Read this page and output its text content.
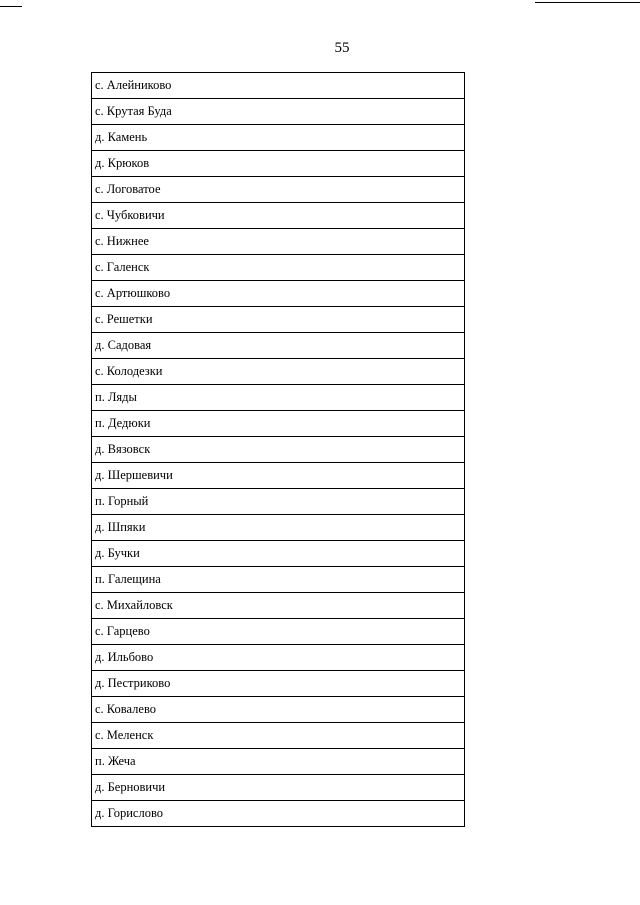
55
с. Алейниково
с. Крутая Буда
д. Камень
д. Крюков
с. Логоватое
с. Чубковичи
с. Нижнее
с. Галенск
с. Артюшково
с. Решетки
д. Садовая
с. Колодезки
п. Ляды
п. Дедюки
д. Вязовск
д. Шершевичи
п. Горный
д. Шпяки
д. Бучки
п. Галещина
с. Михайловск
с. Гарцево
д. Ильбово
д. Пестриково
с. Ковалево
с. Меленск
п. Жеча
д. Берновичи
д. Горислово
